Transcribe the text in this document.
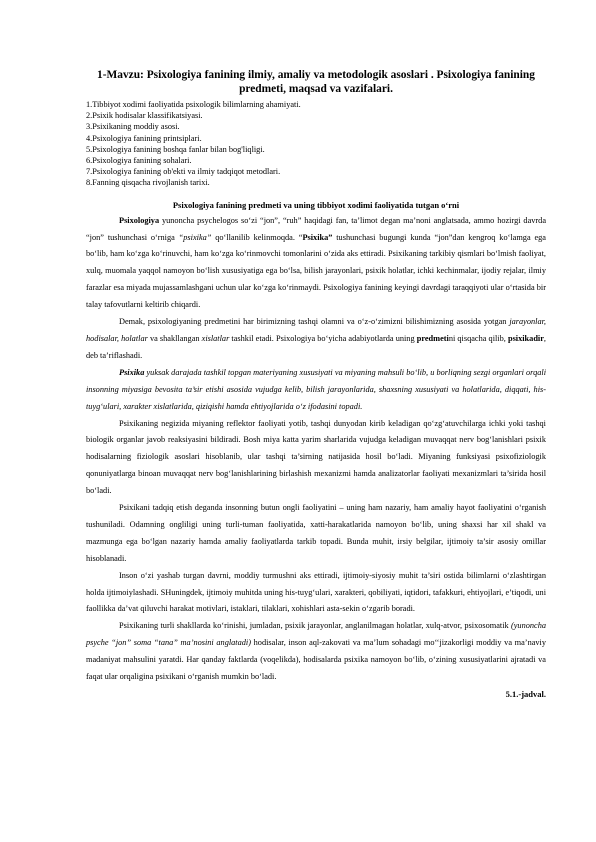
1-Mavzu: Psixologiya fanining ilmiy, amaliy va metodologik asoslari . Psixologiya fanining predmeti, maqsad va vazifalari.
1.Tibbiyot xodimi faoliyatida psixologik bilimlarning ahamiyati.
2.Psixik hodisalar klassifikatsiyasi.
3.Psixikaning moddiy asosi.
4.Psixologiya fanining printsiplari.
5.Psixologiya fanining boshqa fanlar bilan bog'liqligi.
6.Psixologiya fanining sohalari.
7.Psixologiya fanining ob'ekti va ilmiy tadqiqot metodlari.
8.Fanning qisqacha rivojlanish tarixi.
Psixologiya fanining predmeti va uning tibbiyot xodimi faoliyatida tutgan o‘rni

Psixologiya yunoncha psychelogos so‘zi “jon”, “ruh” haqidagi fan, ta’limot degan ma’noni anglatsada, ammo hozirgi davrda “jon” tushunchasi o‘rniga “psixika” qo‘llanilib kelinmoqda. “Psixika” tushunchasi bugungi kunda “jon”dan kengroq ko‘lamga ega bo‘lib, ham ko‘zga ko‘rinuvchi, ham ko‘zga ko‘rinmovchi tomonlarini o‘zida aks ettiradi. Psixikaning tarkibiy qismlari bo‘lmish faoliyat, xulq, muomala yaqqol namoyon bo‘lish xususiyatiga ega bo‘lsa, bilish jarayonlari, psixik holatlar, ichki kechinmalar, ijodiy rejalar, ilmiy farazlar esa miyada mujassamlashgani uchun ular ko‘zga ko‘rinmaydi. Psixologiya fanining keyingi davrdagi taraqqiyoti ular o‘rtasida bir talay tafovutlarni keltirib chiqardi.

Demak, psixologiyaning predmetini har birimizning tashqi olamni va o‘z-o‘zimizni bilishimizning asosida yotgan jarayonlar, hodisalar, holatlar va shakllangan xislatlar tashkil etadi. Psixologiya bo‘yicha adabiyotlarda uning predmetini qisqacha qilib, psixikadir, deb ta’riflashadi.

Psixika yuksak darajada tashkil topgan materiyaning xususiyati va miyaning mahsuli bo‘lib, u borliqning sezgi organlari orqali insonning miyasiga bevosita ta’sir etishi asosida vujudga kelib, bilish jarayonlarida, shaxsning xususiyati va holatlarida, diqqati, his-tuyg‘ulari, xarakter xislatlarida, qiziqishi hamda ehtiyojlarida o‘z ifodasini topadi.

Psixikaning negizida miyaning reflektor faoliyati yotib, tashqi dunyodan kirib keladigan qo‘zg‘atuvchilarga ichki yoki tashqi biologik organlar javob reaksiyasini bildiradi. Bosh miya katta yarim sharlarida vujudga keladigan muvaqqat nerv bog‘lanishlari psixik hodisalarning fiziologik asoslari hisoblanib, ular tashqi ta’sirning natijasida hosil bo‘ladi. Miyaning funksiyasi psixofiziologik qonuniyatlarga binoan muvaqqat nerv bog‘lanishlarining birlashish mexanizmi hamda analizatorlar faoliyati mexanizmlari ta’sirida hosil bo‘ladi.

Psixikani tadqiq etish deganda insonning butun ongli faoliyatini – uning ham nazariy, ham amaliy hayot faoliyatini o‘rganish tushuniladi. Odamning ongliligi uning turli-tuman faoliyatida, xatti-harakatlarida namoyon bo‘lib, uning shaxsi har xil shakl va mazmunga ega bo‘lgan nazariy hamda amaliy faoliyatlarda tarkib topadi. Bunda muhit, irsiy belgilar, ijtimoiy ta’sir asosiy omillar hisoblanadi.

Inson o‘zi yashab turgan davrni, moddiy turmushni aks ettiradi, ijtimoiy-siyosiy muhit ta’siri ostida bilimlarni o‘zlashtirgan holda ijtimoiylashadi. SHuningdek, ijtimoiy muhitda uning his-tuyg‘ulari, xarakteri, qobiliyati, iqtidori, tafakkuri, ehtiyojlari, e’tiqodi, uni faollikka da’vat qiluvchi harakat motivlari, istaklari, tilaklari, xohishlari asta-sekin o‘zgarib boradi.

Psixikaning turli shakllarda ko‘rinishi, jumladan, psixik jarayonlar, anglanilmagan holatlar, xulq-atvor, psixosomatik (yunoncha psyche “jon” soma “tana” ma’nosini anglatadi) hodisalar, inson aql-zakovati va ma’lum sohadagi mo‘‘jizakorligi moddiy va ma’naviy madaniyat mahsulini yaratdi. Har qanday faktlarda (voqelikda), hodisalarda psixika namoyon bo‘lib, o‘zining xususiyatlarini ajratadi va faqat ular orqaligina psixikani o‘rganish mumkin bo‘ladi.

5.1.-jadval.
